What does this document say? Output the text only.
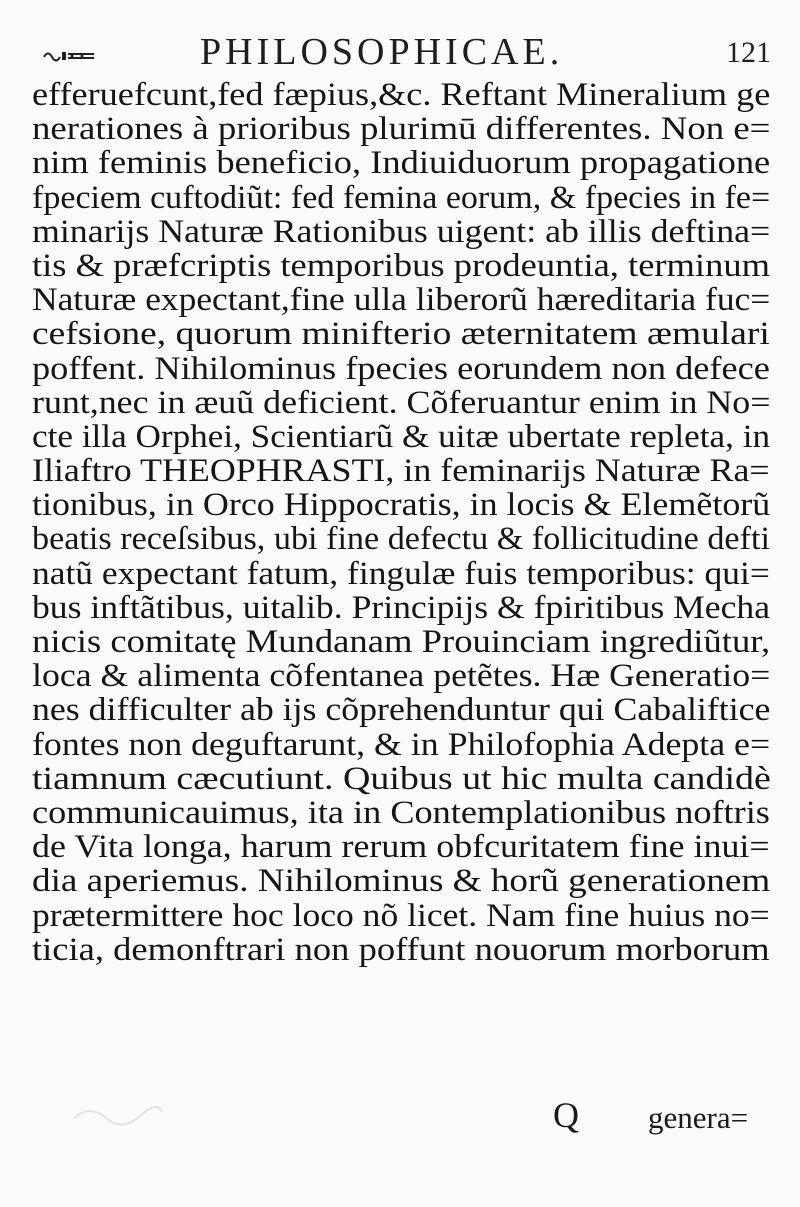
PHILOSOPHICAE.	121
efferuefcunt,fed fæpius,&c. Reftant Mineralium ge
nerationes à prioribus plurimū differentes. Non e=
nim feminis beneficio, Indiuiduorum propagatione
fpeciem cuftodiũt: fed femina eorum, & fpecies in fe=
minarijs Naturæ Rationibus uigent: ab illis deftina=
tis & præfcriptis temporibus prodeuntia, terminum
Naturæ expectant,fine ulla liberorũ hæreditaria fuc=
cefsione, quorum minifterio æternitatem æmulari
poffent. Nihilominus fpecies eorundem non defece
runt,nec in æuũ deficient. Cõferuantur enim in No=
cte illa Orphei, Scientiarũ & uitæ ubertate repleta, in
Iliaftro THEOPHRASTI, in feminarijs Naturæ Ra=
tionibus, in Orco Hippocratis, in locis & Elemẽtorũ
beatis receſsibus, ubi fine defectu & follicitudine defti
natũ expectant fatum, fingulæ fuis temporibus: qui=
bus inftãtibus, uitalib. Principijs & fpiritibus Mecha
nicis comitatę Mundanam Prouinciam ingrediũtur,
loca & alimenta cõfentanea petẽtes. Hæ Generatio=
nes difficulter ab ijs cõprehenduntur qui Cabaliftice
fontes non deguftarunt, & in Philofophia Adepta e=
tiamnum cæcutiunt. Quibus ut hic multa candidè
communicauimus, ita in Contemplationibus noftris
de Vita longa, harum rerum obfcuritatem fine inui=
dia aperiemus. Nihilominus & horũ generationem
prætermittere hoc loco nõ licet. Nam fine huius no=
ticia, demonftrari non poffunt nouorum morborum
Q genera=
